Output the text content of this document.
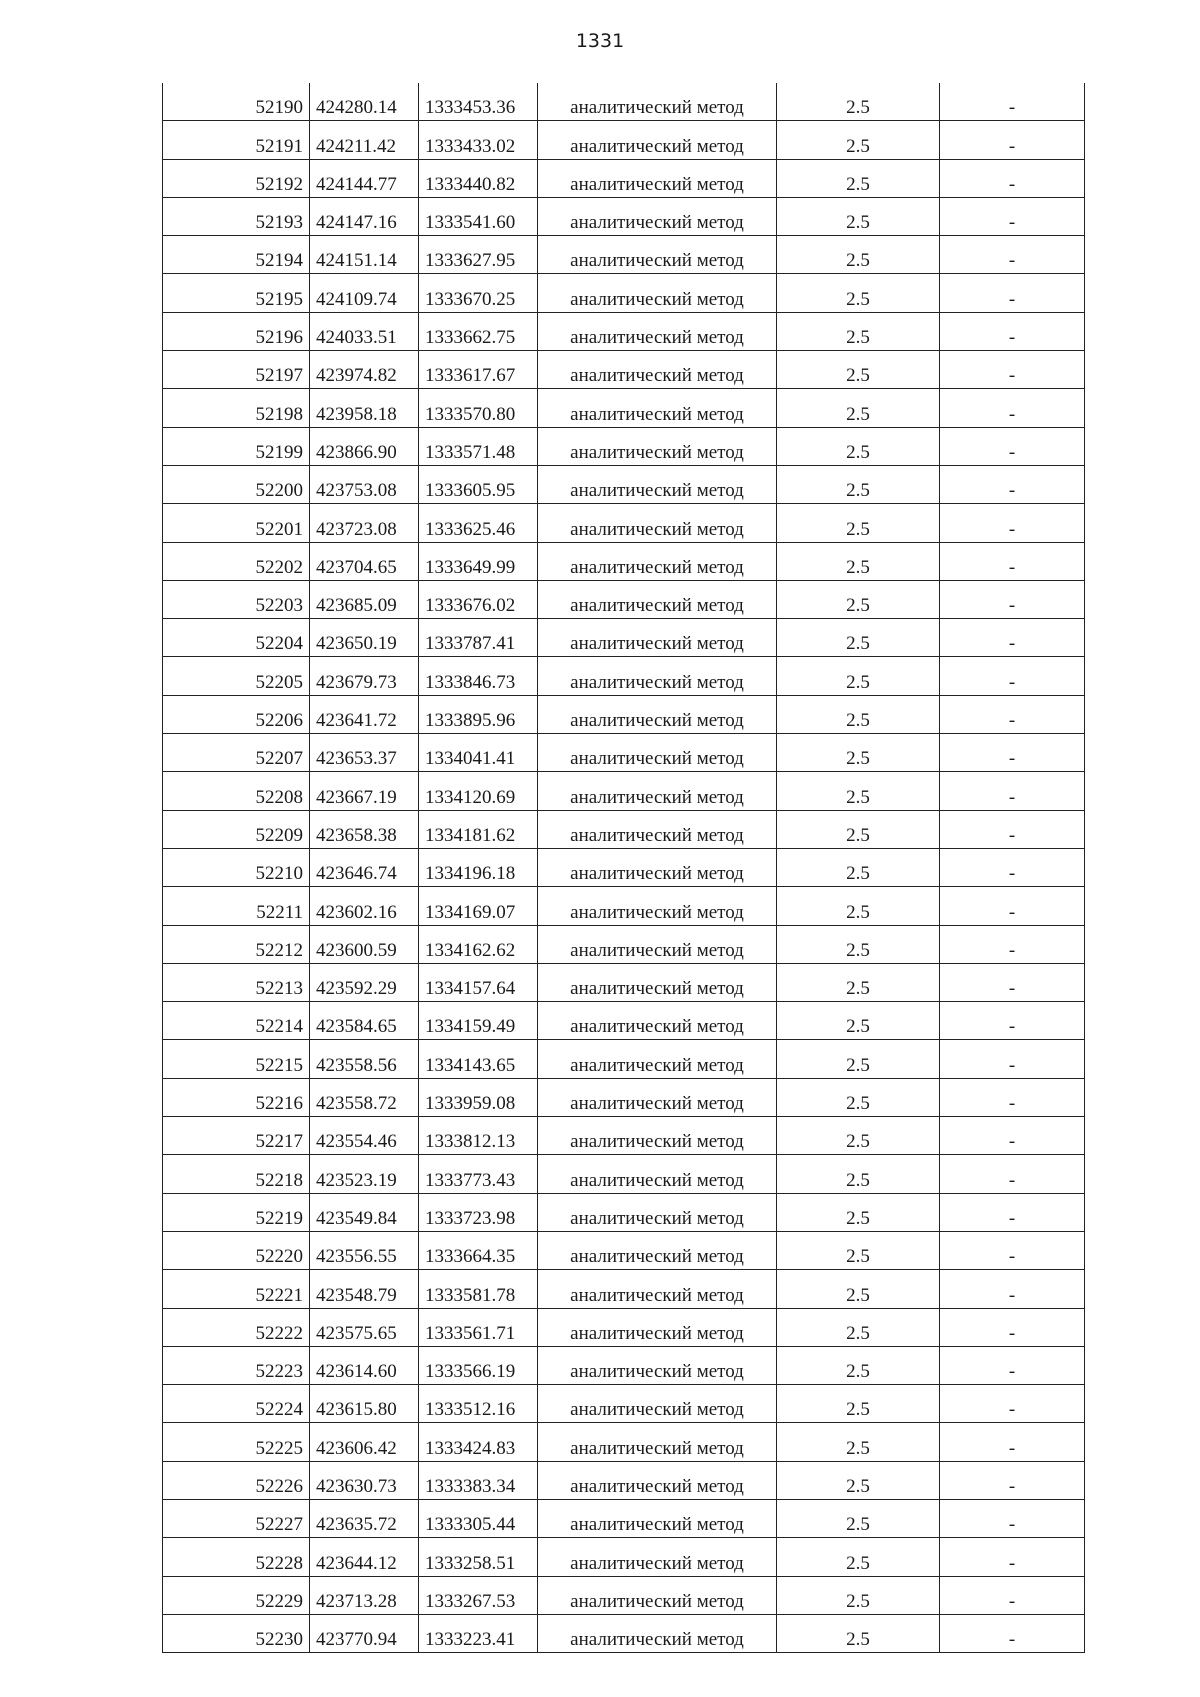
1331
52190	424280.14	1333453.36	аналитический метод	2.5	-
52191	424211.42	1333433.02	аналитический метод	2.5	-
52192	424144.77	1333440.82	аналитический метод	2.5	-
52193	424147.16	1333541.60	аналитический метод	2.5	-
52194	424151.14	1333627.95	аналитический метод	2.5	-
52195	424109.74	1333670.25	аналитический метод	2.5	-
52196	424033.51	1333662.75	аналитический метод	2.5	-
52197	423974.82	1333617.67	аналитический метод	2.5	-
52198	423958.18	1333570.80	аналитический метод	2.5	-
52199	423866.90	1333571.48	аналитический метод	2.5	-
52200	423753.08	1333605.95	аналитический метод	2.5	-
52201	423723.08	1333625.46	аналитический метод	2.5	-
52202	423704.65	1333649.99	аналитический метод	2.5	-
52203	423685.09	1333676.02	аналитический метод	2.5	-
52204	423650.19	1333787.41	аналитический метод	2.5	-
52205	423679.73	1333846.73	аналитический метод	2.5	-
52206	423641.72	1333895.96	аналитический метод	2.5	-
52207	423653.37	1334041.41	аналитический метод	2.5	-
52208	423667.19	1334120.69	аналитический метод	2.5	-
52209	423658.38	1334181.62	аналитический метод	2.5	-
52210	423646.74	1334196.18	аналитический метод	2.5	-
52211	423602.16	1334169.07	аналитический метод	2.5	-
52212	423600.59	1334162.62	аналитический метод	2.5	-
52213	423592.29	1334157.64	аналитический метод	2.5	-
52214	423584.65	1334159.49	аналитический метод	2.5	-
52215	423558.56	1334143.65	аналитический метод	2.5	-
52216	423558.72	1333959.08	аналитический метод	2.5	-
52217	423554.46	1333812.13	аналитический метод	2.5	-
52218	423523.19	1333773.43	аналитический метод	2.5	-
52219	423549.84	1333723.98	аналитический метод	2.5	-
52220	423556.55	1333664.35	аналитический метод	2.5	-
52221	423548.79	1333581.78	аналитический метод	2.5	-
52222	423575.65	1333561.71	аналитический метод	2.5	-
52223	423614.60	1333566.19	аналитический метод	2.5	-
52224	423615.80	1333512.16	аналитический метод	2.5	-
52225	423606.42	1333424.83	аналитический метод	2.5	-
52226	423630.73	1333383.34	аналитический метод	2.5	-
52227	423635.72	1333305.44	аналитический метод	2.5	-
52228	423644.12	1333258.51	аналитический метод	2.5	-
52229	423713.28	1333267.53	аналитический метод	2.5	-
52230	423770.94	1333223.41	аналитический метод	2.5	-
